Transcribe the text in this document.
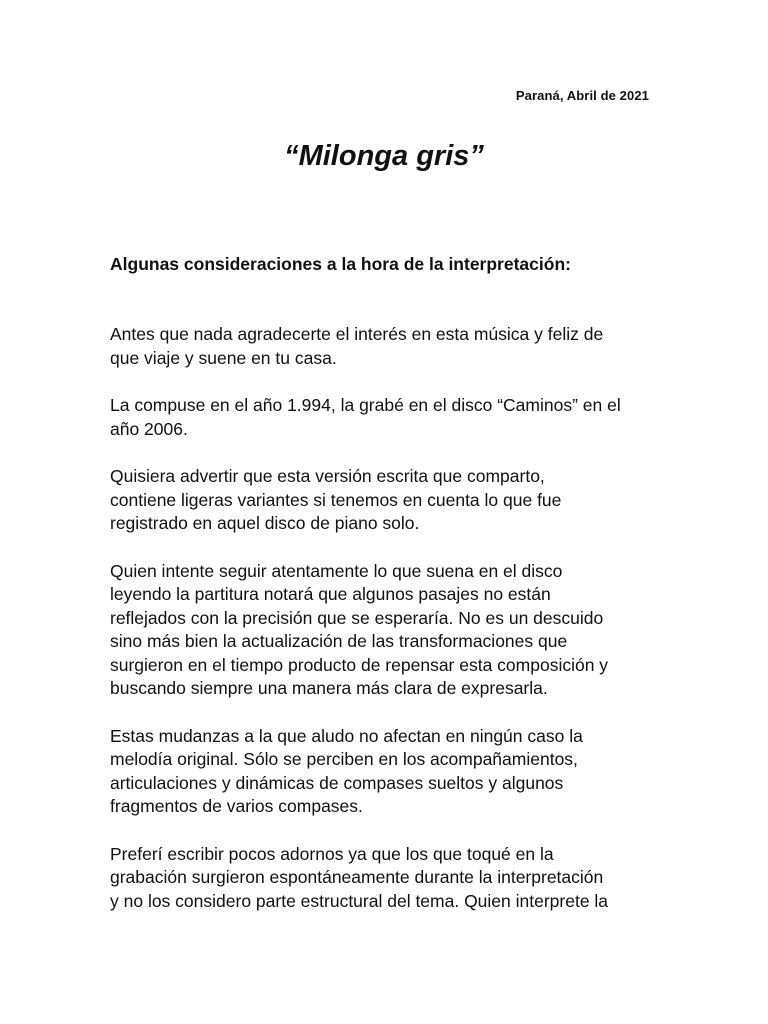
Paraná, Abril de 2021
“Milonga gris”
Algunas consideraciones a la hora de la interpretación:

Antes que nada agradecerte el interés en esta música y feliz de
que viaje y suene en tu casa.

La compuse en el año 1.994, la grabé en el disco “Caminos” en el
año 2006.

Quisiera advertir que esta versión escrita que comparto,
contiene ligeras variantes si tenemos en cuenta lo que fue
registrado en aquel disco de piano solo.

Quien intente seguir atentamente lo que suena en el disco
leyendo la partitura notará que algunos pasajes no están
reflejados con la precisión que se esperaría. No es un descuido
sino más bien la actualización de las transformaciones que
surgieron en el tiempo producto de repensar esta composición y
buscando siempre una manera más clara de expresarla.

Estas mudanzas a la que aludo no afectan en ningún caso la
melodía original. Sólo se perciben en los acompañamientos,
articulaciones y dinámicas de compases sueltos y algunos
fragmentos de varios compases.

Preferí escribir pocos adornos ya que los que toqué en la
grabación surgieron espontáneamente durante la interpretación
y no los considero parte estructural del tema. Quien interprete la
